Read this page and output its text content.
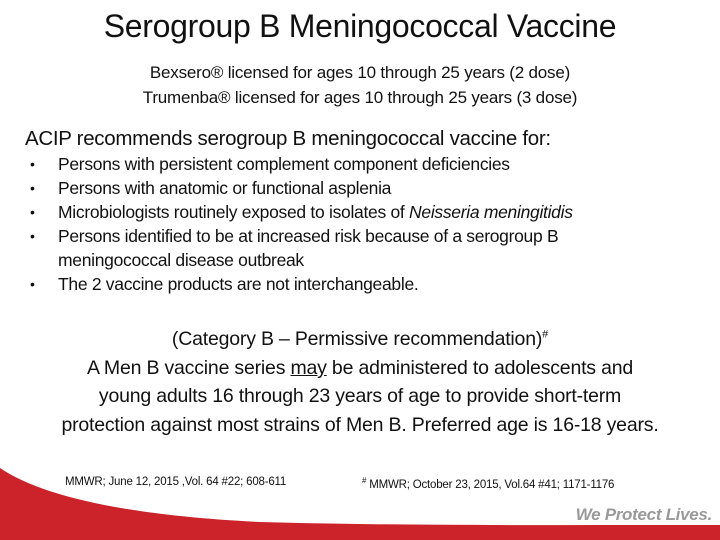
Serogroup B Meningococcal Vaccine
Bexsero® licensed for ages 10 through 25 years (2 dose)
Trumenba® licensed for ages 10 through 25 years (3 dose)
ACIP recommends serogroup B meningococcal vaccine for:
• Persons with persistent complement component deficiencies
• Persons with anatomic or functional asplenia
• Microbiologists routinely exposed to isolates of Neisseria meningitidis
• Persons identified to be at increased risk because of a serogroup B
meningococcal disease outbreak
• The 2 vaccine products are not interchangeable.
(Category B – Permissive recommendation)#
A Men B vaccine series may be administered to adolescents and
young adults 16 through 23 years of age to provide short-term
protection against most strains of Men B. Preferred age is 16-18 years.
MMWR; June 12, 2015 ,Vol. 64 #22; 608-611	# MMWR; October 23, 2015, Vol.64 #41; 1171-1176
We Protect Lives.
